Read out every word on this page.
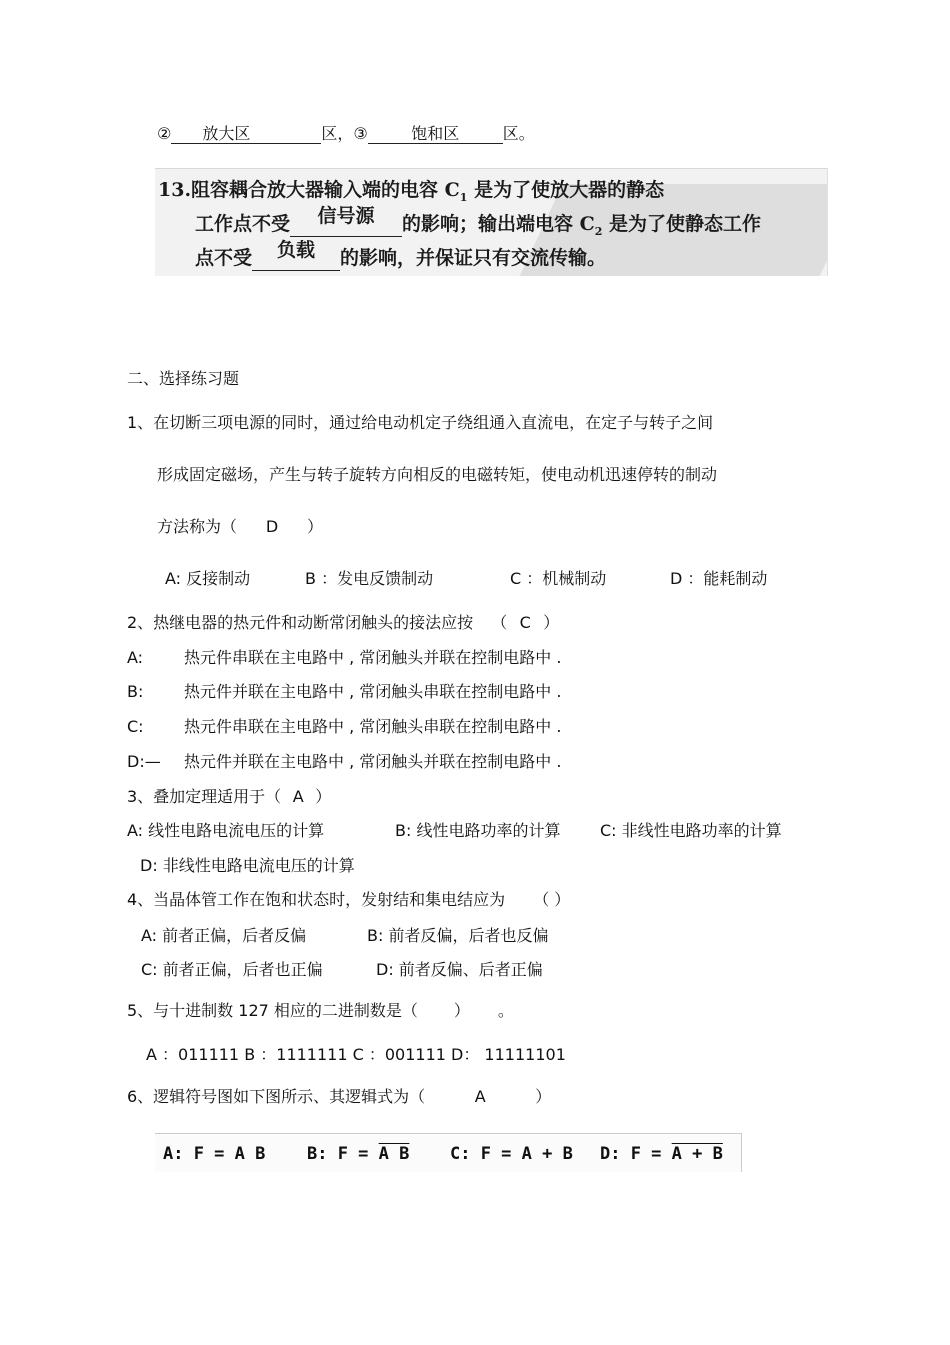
② 放大区	区，③	饱和区	区。
13.阻容耦合放大器输入端的电容 $C_1$ 是为了使放大器的静态
工作点不受 信号源 的影响；输出端电容 $C_2$ 是为了使静态工作
点不受 负载 的影响，并保证只有交流传输。
二、选择练习题
1、在切断三项电源的同时，通过给电动机定子绕组通入直流电，在定子与转子之间
形成固定磁场，产生与转子旋转方向相反的电磁转矩，使电动机迅速停转的制动
方法称为（ D ）
A: 反接制动	B ：发电反馈制动	C ：机械制动	D ：能耗制动
2、热继电器的热元件和动断常闭触头的接法应按 （ C ）
A:	热元件串联在主电路中 , 常闭触头并联在控制电路中 .
B:	热元件并联在主电路中 , 常闭触头串联在控制电路中 .
C:	热元件串联在主电路中 , 常闭触头串联在控制电路中 .
D:— 热元件并联在主电路中 , 常闭触头并联在控制电路中 .
3、叠加定理适用于（ A ）
A: 线性电路电流电压的计算	B: 线性电路功率的计算 C: 非线性电路功率的计算
D: 非线性电路电流电压的计算
4、当晶体管工作在饱和状态时，发射结和集电结应为 （ ）
A: 前者正偏，后者反偏	B: 前者反偏，后者也反偏
C: 前者正偏，后者也正偏	D: 前者反偏、后者正偏
5、与十进制数 127 相应的二进制数是（ ） 。
A ：011111 B ：1111111 C ：001111 D： 11111101
6、逻辑符号图如下图所示、其逻辑式为（	A	）
A: F = A B B: F = A B C: F = A + B D: F = A + B
